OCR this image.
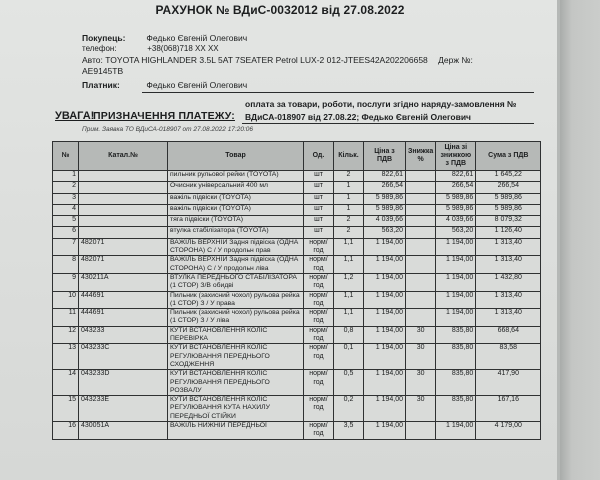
РАХУНОК № ВДиС-0032012 від 27.08.2022
Покупець: Федько Євгеній Олегович
телефон:	+38(068)718 XX XX
Авто: TOYOTA HIGHLANDER 3.5L 5AT 7SEATER Petrol LUX-2 012-JTEES42A202206658 Держ №:
AE9145TB
Платник:	Федько Євгеній Олегович
УВАГА!
ПРИЗНАЧЕННЯ ПЛАТЕЖУ:
оплата за товари, роботи, послуги згідно наряду-замовлення №
ВДиСА-018907 від 27.08.22; Федько Євгеній Олегович
Прим. Заявка ТО ВДиСА-018907 от 27.08.2022 17:20:06
№	Катал.№	Товар	Од.	Кільк.	Ціна з ПДВ	Знижка %	Ціна зі знижкою з ПДВ	Сума з ПДВ
1		пильник рульової рейки (TOYOTA)	шт	2	822,61		822,61	1 645,22
2		Очисник універсальний 400 мл	шт	1	266,54		266,54	266,54
3		важіль підвіски (TOYOTA)	шт	1	5 989,86		5 989,86	5 989,86
4		важіль підвіски (TOYOTA)	шт	1	5 989,86		5 989,86	5 989,86
5		тяга підвіски (TOYOTA)	шт	2	4 039,66		4 039,66	8 079,32
6		втулка стабілізатора (TOYOTA)	шт	2	563,20		563,20	1 126,40
7	482071	ВАЖІЛЬ ВЕРХНІЙ Задня підвіска (ОДНА СТОРОНА) С / У продольн прав	норм/год	1,1	1 194,00		1 194,00	1 313,40
8	482071	ВАЖІЛЬ ВЕРХНІЙ Задня підвіска (ОДНА СТОРОНА) С / У продольн ліва	норм/год	1,1	1 194,00		1 194,00	1 313,40
9	430211A	ВТУЛКА ПЕРЕДНЬОГО СТАБІЛІЗАТОРА (1 СТОР) З/В обидві	норм/год	1,2	1 194,00		1 194,00	1 432,80
10	444691	Пильник (захисний чохол) рульова рейка (1 СТОР) З / У права	норм/год	1,1	1 194,00		1 194,00	1 313,40
11	444691	Пильник (захисний чохол) рульова рейка (1 СТОР) З / У ліва	норм/год	1,1	1 194,00		1 194,00	1 313,40
12	043233	КУТИ ВСТАНОВЛЕННЯ КОЛІС ПЕРЕВІРКА	норм/год	0,8	1 194,00	30	835,80	668,64
13	043233C	КУТИ ВСТАНОВЛЕННЯ КОЛІС РЕГУЛЮВАННЯ ПЕРЕДНЬОГО СХОДЖЕННЯ	норм/год	0,1	1 194,00	30	835,80	83,58
14	043233D	КУТИ ВСТАНОВЛЕННЯ КОЛІС РЕГУЛЮВАННЯ ПЕРЕДНЬОГО РОЗВАЛУ	норм/год	0,5	1 194,00	30	835,80	417,90
15	043233E	КУТИ ВСТАНОВЛЕННЯ КОЛІС РЕГУЛЮВАННЯ КУТА НАХИЛУ ПЕРЕДНЬОЇ СТІЙКИ	норм/год	0,2	1 194,00	30	835,80	167,16
16	430051A	ВАЖІЛЬ НИЖНІЙ ПЕРЕДНЬОЇ	норм/год	3,5	1 194,00		1 194,00	4 179,00
